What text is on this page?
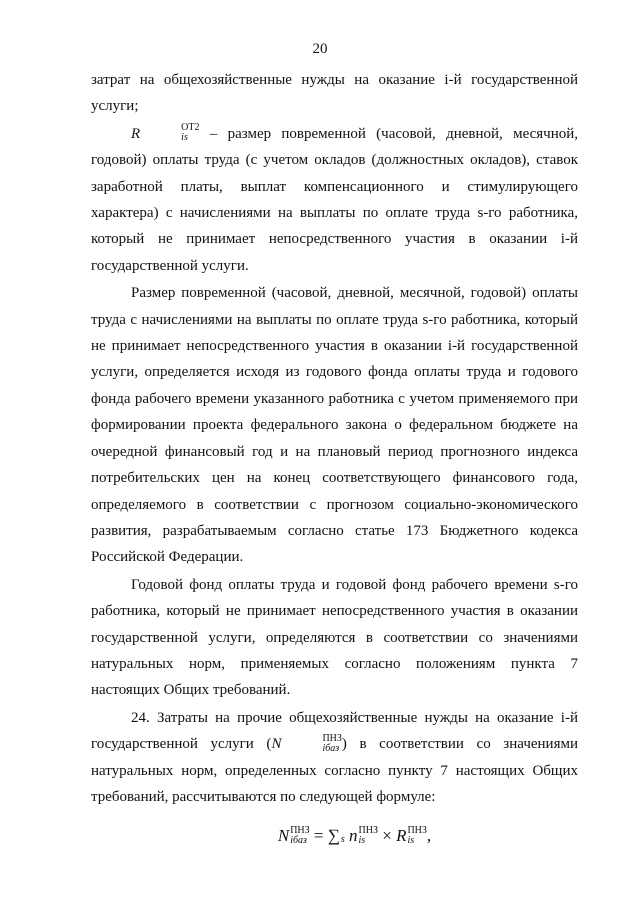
20

затрат на общехозяйственные нужды на оказание i-й государственной услуги;

R	ОТ2
is – размер повременной (часовой, дневной, месячной, годовой) оплаты труда (с учетом окладов (должностных окладов), ставок заработной платы, выплат компенсационного и стимулирующего характера) с начислениями на выплаты по оплате труда s-го работника, который не принимает непосредственного участия в оказании i-й государственной услуги.

Размер повременной (часовой, дневной, месячной, годовой) оплаты труда с начислениями на выплаты по оплате труда s-го работника, который не принимает непосредственного участия в оказании i-й государственной услуги, определяется исходя из годового фонда оплаты труда и годового фонда рабочего времени указанного работника с учетом применяемого при формировании проекта федерального закона о федеральном бюджете на очередной финансовый год и на плановый период прогнозного индекса потребительских цен на конец соответствующего финансового года, определяемого в соответствии с прогнозом социально-экономического развития, разрабатываемым согласно статье 173 Бюджетного кодекса Российской Федерации.

Годовой фонд оплаты труда и годовой фонд рабочего времени s-го работника, который не принимает непосредственного участия в оказании государственной услуги, определяются в соответствии со значениями натуральных норм, применяемых согласно положениям пункта 7 настоящих Общих требований.

24. Затраты на прочие общехозяйственные нужды на оказание i-й государственной услуги (N	ПНЗ
iбаз ) в соответствии со значениями натуральных норм, определенных согласно пункту 7 настоящих Общих требований, рассчитываются по следующей формуле:

N ПНЗ
iбаз = ∑ s n ПНЗ
is × R ПНЗ
is ,
